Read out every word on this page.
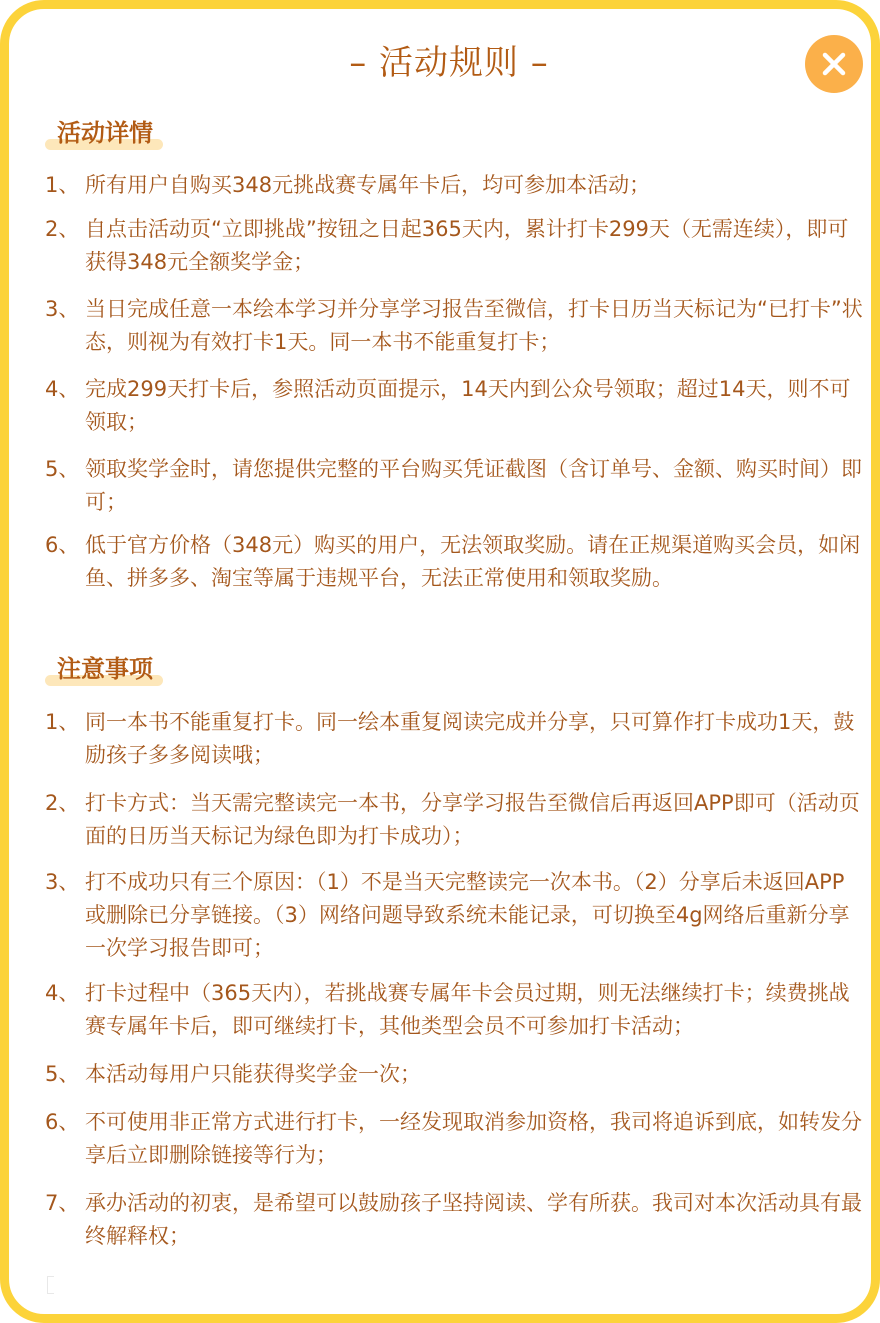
– 活动规则 –
活动详情
1、 所有用户自购买348元挑战赛专属年卡后，均可参加本活动；
2、 自点击活动页“立即挑战”按钮之日起365天内，累计打卡299天（无需连续），即可获得348元全额奖学金；
3、 当日完成任意一本绘本学习并分享学习报告至微信，打卡日历当天标记为“已打卡”状态，则视为有效打卡1天。同一本书不能重复打卡；
4、 完成299天打卡后，参照活动页面提示，14天内到公众号领取；超过14天，则不可领取；
5、 领取奖学金时，请您提供完整的平台购买凭证截图（含订单号、金额、购买时间）即可；
6、 低于官方价格（348元）购买的用户，无法领取奖励。请在正规渠道购买会员，如闲鱼、拼多多、淘宝等属于违规平台，无法正常使用和领取奖励。
注意事项
1、 同一本书不能重复打卡。同一绘本重复阅读完成并分享，只可算作打卡成功1天，鼓励孩子多多阅读哦；
2、 打卡方式：当天需完整读完一本书，分享学习报告至微信后再返回APP即可（活动页面的日历当天标记为绿色即为打卡成功）；
3、 打不成功只有三个原因：（1）不是当天完整读完一次本书。（2）分享后未返回APP或删除已分享链接。（3）网络问题导致系统未能记录，可切换至4g网络后重新分享一次学习报告即可；
4、 打卡过程中（365天内），若挑战赛专属年卡会员过期，则无法继续打卡；续费挑战赛专属年卡后，即可继续打卡，其他类型会员不可参加打卡活动；
5、 本活动每用户只能获得奖学金一次；
6、 不可使用非正常方式进行打卡，一经发现取消参加资格，我司将追诉到底，如转发分享后立即删除链接等行为；
7、 承办活动的初衷，是希望可以鼓励孩子坚持阅读、学有所获。我司对本次活动具有最终解释权；
